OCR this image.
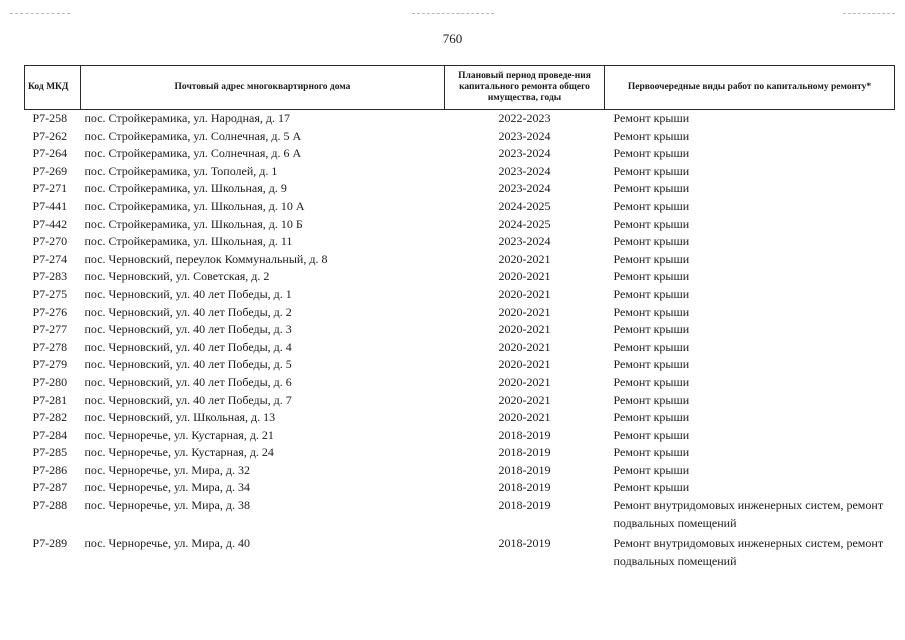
760
Код МКД	Почтовый адрес многоквартирного дома	Плановый период проведе-ния капитального ремонта общего имущества, годы	Первоочередные виды работ по капитальному ремонту*
Р7-258	пос. Стройкерамика, ул. Народная, д. 17	2022-2023	Ремонт крыши
Р7-262	пос. Стройкерамика, ул. Солнечная, д. 5 А	2023-2024	Ремонт крыши
Р7-264	пос. Стройкерамика, ул. Солнечная, д. 6 А	2023-2024	Ремонт крыши
Р7-269	пос. Стройкерамика, ул. Тополей, д. 1	2023-2024	Ремонт крыши
Р7-271	пос. Стройкерамика, ул. Школьная, д. 9	2023-2024	Ремонт крыши
Р7-441	пос. Стройкерамика, ул. Школьная, д. 10 А	2024-2025	Ремонт крыши
Р7-442	пос. Стройкерамика, ул. Школьная, д. 10 Б	2024-2025	Ремонт крыши
Р7-270	пос. Стройкерамика, ул. Школьная, д. 11	2023-2024	Ремонт крыши
Р7-274	пос. Черновский, переулок Коммунальный, д. 8	2020-2021	Ремонт крыши
Р7-283	пос. Черновский, ул. Советская, д. 2	2020-2021	Ремонт крыши
Р7-275	пос. Черновский, ул. 40 лет Победы, д. 1	2020-2021	Ремонт крыши
Р7-276	пос. Черновский, ул. 40 лет Победы, д. 2	2020-2021	Ремонт крыши
Р7-277	пос. Черновский, ул. 40 лет Победы, д. 3	2020-2021	Ремонт крыши
Р7-278	пос. Черновский, ул. 40 лет Победы, д. 4	2020-2021	Ремонт крыши
Р7-279	пос. Черновский, ул. 40 лет Победы, д. 5	2020-2021	Ремонт крыши
Р7-280	пос. Черновский, ул. 40 лет Победы, д. 6	2020-2021	Ремонт крыши
Р7-281	пос. Черновский, ул. 40 лет Победы, д. 7	2020-2021	Ремонт крыши
Р7-282	пос. Черновский, ул. Школьная, д. 13	2020-2021	Ремонт крыши
Р7-284	пос. Черноречье, ул. Кустарная, д. 21	2018-2019	Ремонт крыши
Р7-285	пос. Черноречье, ул. Кустарная, д. 24	2018-2019	Ремонт крыши
Р7-286	пос. Черноречье, ул. Мира, д. 32	2018-2019	Ремонт крыши
Р7-287	пос. Черноречье, ул. Мира, д. 34	2018-2019	Ремонт крыши
Р7-288	пос. Черноречье, ул. Мира, д. 38	2018-2019	Ремонт внутридомовых инженерных систем, ремонт подвальных помещений
Р7-289	пос. Черноречье, ул. Мира, д. 40	2018-2019	Ремонт внутридомовых инженерных систем, ремонт подвальных помещений
